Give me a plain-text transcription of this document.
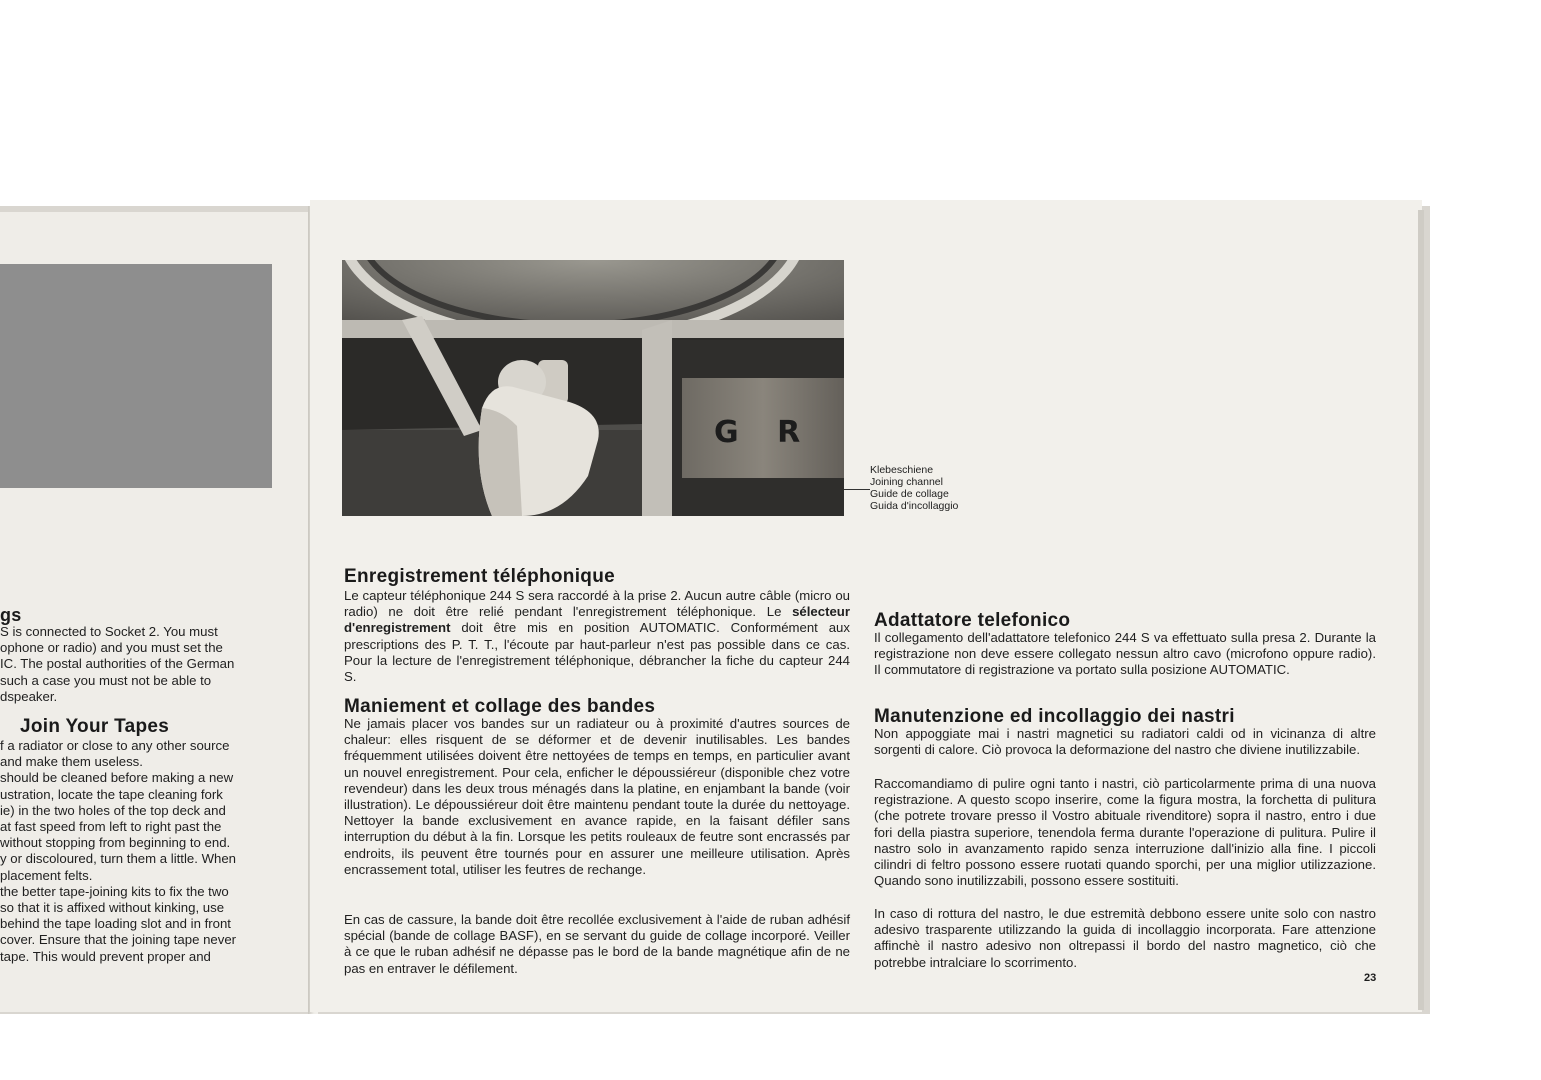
gs
S is connected to Socket 2. You must
ophone or radio) and you must set the
IC. The postal authorities of the German
such a case you must not be able to
dspeaker.
Join Your Tapes
f a radiator or close to any other source
and make them useless.
should be cleaned before making a new
ustration, locate the tape cleaning fork
ie) in the two holes of the top deck and
at fast speed from left to right past the
without stopping from beginning to end.
y or discoloured, turn them a little. When
placement felts.
the better tape-joining kits to fix the two
so that it is affixed without kinking, use
behind the tape loading slot and in front
cover. Ensure that the joining tape never
tape. This would prevent proper and
G R
Klebeschiene
Joining channel
Guide de collage
Guida d'incollaggio
Enregistrement téléphonique

Le capteur téléphonique 244 S sera raccordé à la prise 2. Aucun autre câble (micro ou radio) ne doit être relié pendant l'enregistrement téléphonique. Le sélecteur d'enregistrement doit être mis en position AUTOMATIC. Conformément aux prescriptions des P. T. T., l'écoute par haut-parleur n'est pas possible dans ce cas. Pour la lecture de l'enregistrement téléphonique, débrancher la fiche du capteur 244 S.

Maniement et collage des bandes

Ne jamais placer vos bandes sur un radiateur ou à proximité d'autres sources de chaleur: elles risquent de se déformer et de devenir inutilisables. Les bandes fréquemment utilisées doivent être nettoyées de temps en temps, en particulier avant un nouvel enregistrement. Pour cela, enficher le dépoussiéreur (disponible chez votre revendeur) dans les deux trous ménagés dans la platine, en enjambant la bande (voir illustration). Le dépoussiéreur doit être maintenu pendant toute la durée du nettoyage. Nettoyer la bande exclusivement en avance rapide, en la faisant défiler sans interruption du début à la fin. Lorsque les petits rouleaux de feutre sont encrassés par endroits, ils peuvent être tournés pour en assurer une meilleure utilisation. Après encrassement total, utiliser les feutres de rechange.

En cas de cassure, la bande doit être recollée exclusivement à l'aide de ruban adhésif spécial (bande de collage BASF), en se servant du guide de collage incorporé. Veiller à ce que le ruban adhésif ne dépasse pas le bord de la bande magnétique afin de ne pas en entraver le défilement.

Adattatore telefonico

Il collegamento dell'adattatore telefonico 244 S va effettuato sulla presa 2. Durante la registrazione non deve essere collegato nessun altro cavo (microfono oppure radio). Il commutatore di registrazione va portato sulla posizione AUTOMATIC.

Manutenzione ed incollaggio dei nastri

Non appoggiate mai i nastri magnetici su radiatori caldi od in vicinanza di altre sorgenti di calore. Ciò provoca la deformazione del nastro che diviene inutilizzabile.

Raccomandiamo di pulire ogni tanto i nastri, ciò particolarmente prima di una nuova registrazione. A questo scopo inserire, come la figura mostra, la forchetta di pulitura (che potrete trovare presso il Vostro abituale rivenditore) sopra il nastro, entro i due fori della piastra superiore, tenendola ferma durante l'operazione di pulitura. Pulire il nastro solo in avanzamento rapido senza interruzione dall'inizio alla fine. I piccoli cilindri di feltro possono essere ruotati quando sporchi, per una miglior utilizzazione. Quando sono inutilizzabili, possono essere sostituiti.

In caso di rottura del nastro, le due estremità debbono essere unite solo con nastro adesivo trasparente utilizzando la guida di incollaggio incorporata. Fare attenzione affinchè il nastro adesivo non oltrepassi il bordo del nastro magnetico, ciò che potrebbe intralciare lo scorrimento.

23
